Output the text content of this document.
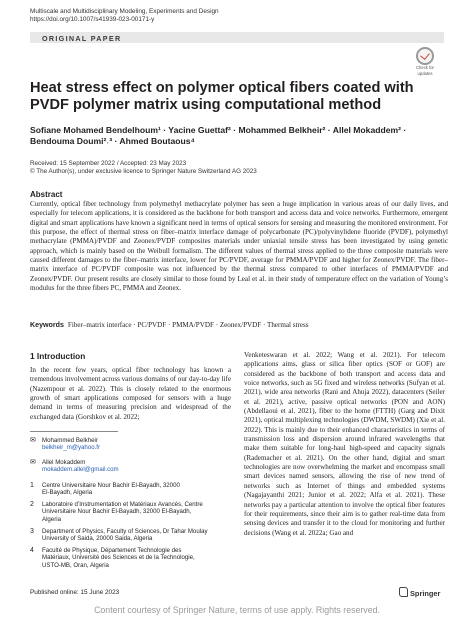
Multiscale and Multidisciplinary Modeling, Experiments and Design
https://doi.org/10.1007/s41939-023-00171-y
ORIGINAL PAPER
Check for
updates
Heat stress effect on polymer optical fibers coated with PVDF polymer matrix using computational method
Sofiane Mohamed Bendelhoum¹ · Yacine Guettaf² · Mohammed Belkheir² · Allel Mokaddem² · Bendouma Doumi²˒³ · Ahmed Boutaous⁴
Received: 15 September 2022 / Accepted: 23 May 2023
© The Author(s), under exclusive licence to Springer Nature Switzerland AG 2023
Abstract
Currently, optical fiber technology from polymethyl methacrylate polymer has seen a huge implication in various areas of our daily lives, and especially for telecom applications, it is considered as the backbone for both transport and access data and voice networks. Furthermore, emergent digital and smart applications have known a significant need in terms of optical sensors for sensing and measuring the monitored environment. For this purpose, the effect of thermal stress on fiber–matrix interface damage of polycarbonate (PC)/polyvinylidene fluoride (PVDF), polymethyl methacrylate (PMMA)/PVDF and Zeonex/PVDF composites materials under uniaxial tensile stress has been investigated by using genetic approach, which is mainly based on the Weibull formalism. The different values of thermal stress applied to the three composite materials were caused different damages to the fiber–matrix interface, lower for PC/PVDF, average for PMMA/PVDF and higher for Zeonex/PVDF. The fiber–matrix interface of PC/PVDF composite was not influenced by the thermal stress compared to other interfaces of PMMA/PVDF and Zeonex/PVDF. Our present results are closely similar to those found by Leal et al. in their study of temperature effect on the variation of Young’s modulus for the three fibers PC, PMMA and Zeonex.
Keywords Fiber–matrix interface · PC/PVDF · PMMA/PVDF · Zeonex/PVDF · Thermal stress
1 Introduction
In the recent few years, optical fiber technology has known a tremendous involvement across various domains of our day-to-day life (Nazempour et al. 2022). This is closely related to the enormous growth of smart applications composed for sensors with a huge demand in terms of measuring precision and widespread of the exchanged data (Gorshkov et al. 2022;
Venketeswaran et al. 2022; Wang et al. 2021). For telecom applications aims, glass or silica fiber optics (SOF or GOF) are considered as the backbone of both transport and access data and voice networks, such as 5G fixed and wireless networks (Sufyan et al. 2021), wide area networks (Rani and Ahuja 2022), datacenters (Seiler et al. 2021), active, passive optical networks (PON and AON) (Abdellaoui et al. 2021), fiber to the home (FTTH) (Garg and Dixit 2021), optical multiplexing technologies (DWDM, SWDM) (Xie et al. 2022). This is mainly due to their enhanced characteristics in terms of transmission loss and dispersion around infrared wavelengths that make them suitable for long-haul high-speed and capacity signals (Rademacher et al. 2021). On the other hand, digital and smart technologies are now overwhelming the market and encompass small smart devices named sensors, allowing the rise of new trend of networks such as Internet of things and embedded systems (Nagajayanthi 2021; Junior et al. 2022; Alfa et al. 2021). These networks pay a particular attention to involve the optical fiber features for their requirements, since their aim is to gather real-time data from sensing devices and transfer it to the cloud for monitoring and further decisions (Wang et al. 2022a; Gao and
✉ Mohammed Belkheir
belkheir_m@yahoo.fr
✉ Allel Mokaddem
mokaddem.allel@gmail.com
1 Centre Universitaire Nour Bachir El-Bayadh, 32000
El-Bayadh, Algeria
2 Laboratoire d’Instrumentation et Matériaux Avancés, Centre
Universitaire Nour Bachir El-Bayadh, 32000 El-Bayadh,
Algeria
3 Department of Physics, Faculty of Sciences, Dr Tahar Moulay
University of Saida, 20000 Saida, Algeria
4 Faculté de Physique, Département Technologie des
Matériaux, Université des Sciences et de la Technologie,
USTO-MB, Oran, Algeria
Published online: 15 June 2023	Springer
Content courtesy of Springer Nature, terms of use apply. Rights reserved.
